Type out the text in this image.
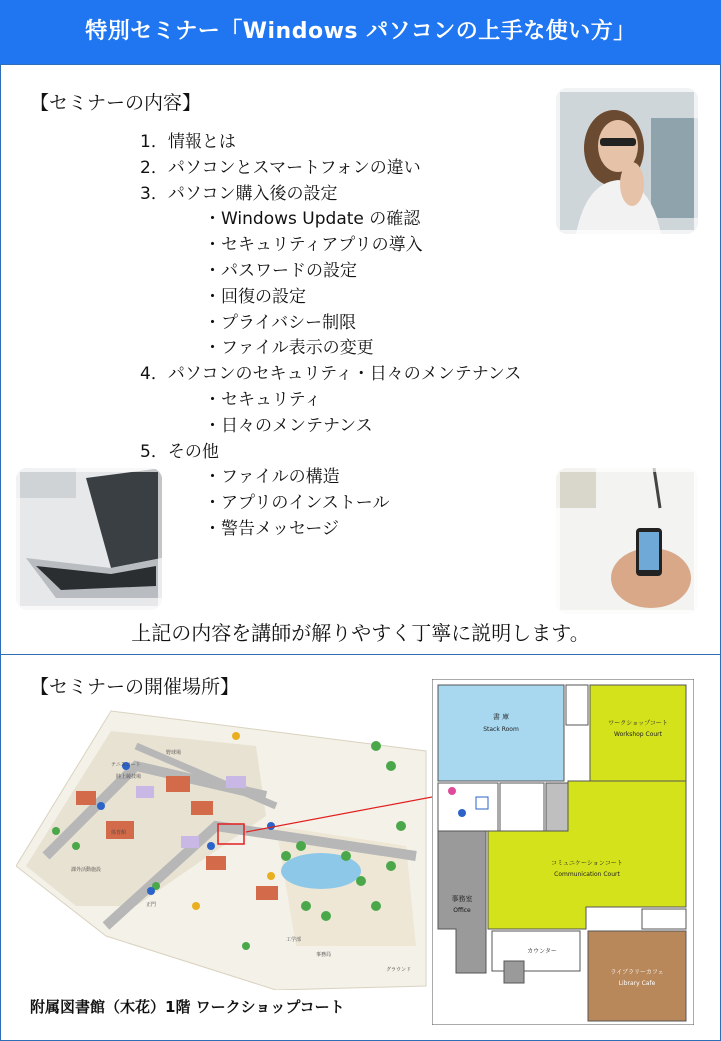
特別セミナー「Windows パソコンの上手な使い方」
【セミナーの内容】
1．情報とは
2．パソコンとスマートフォンの違い
3．パソコン購入後の設定
・Windows Update の確認
・セキュリティアプリの導入
・パスワードの設定
・回復の設定
・プライバシー制限
・ファイル表示の変更
4．パソコンのセキュリティ・日々のメンテナンス
・セキュリティ
・日々のメンテナンス
5．その他
・ファイルの構造
・アプリのインストール
・警告メッセージ
上記の内容を講師が解りやすく丁寧に説明します。
【セミナーの開催場所】
テニスコート
野球場
陸上競技場
体育館
課外活動施設
正門
工学部
グラウンド
事務局
書 庫
Stack Room
ワークショップコート
Workshop Court
コミュニケーションコート
Communication Court
事務室
Office
カウンター
ライブラリーカフェ
Library Cafe
附属図書館（木花）1階 ワークショップコート
